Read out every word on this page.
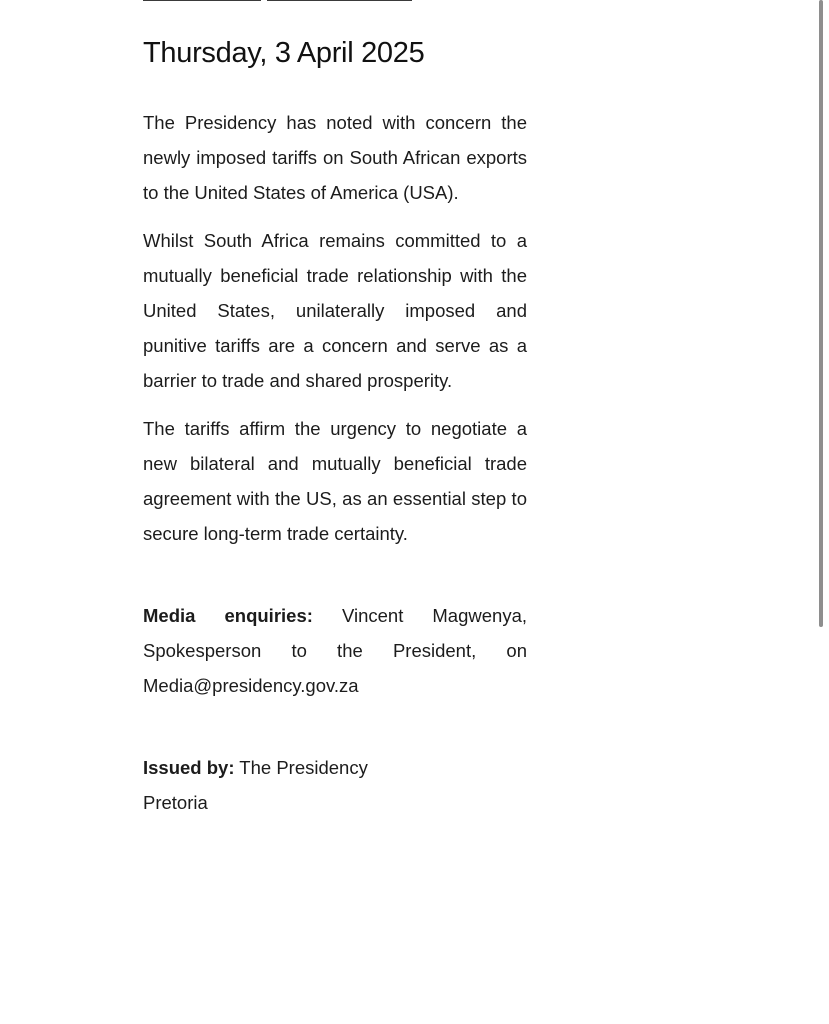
Thursday, 3 April 2025

The Presidency has noted with concern the newly imposed tariffs on South African exports to the United States of America (USA).

Whilst South Africa remains committed to a mutually beneficial trade relationship with the United States, unilaterally imposed and punitive tariffs are a concern and serve as a barrier to trade and shared prosperity.

The tariffs affirm the urgency to negotiate a new bilateral and mutually beneficial trade agreement with the US, as an essential step to secure long-term trade certainty.

Media enquiries: Vincent Magwenya, Spokesperson to the President, on Media@presidency.gov.za

Issued by: The Presidency
Pretoria
